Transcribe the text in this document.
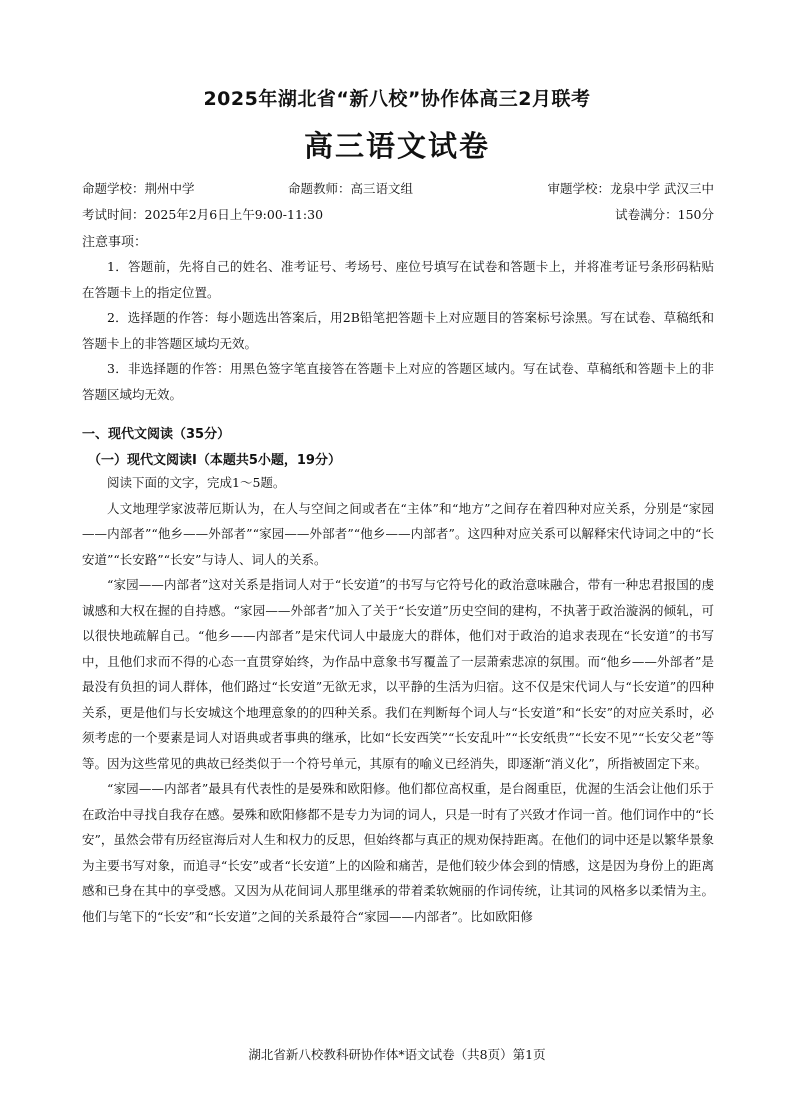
2025年湖北省“新八校”协作体高三2月联考
高三语文试卷
命题学校：荆州中学	命题教师：高三语文组	审题学校：龙泉中学 武汉三中
考试时间：2025年2月6日上午9:00-11:30	试卷满分：150分
注意事项：

1．答题前，先将自己的姓名、准考证号、考场号、座位号填写在试卷和答题卡上，并将准考证号条形码粘贴在答题卡上的指定位置。

2．选择题的作答：每小题选出答案后，用2B铅笔把答题卡上对应题目的答案标号涂黑。写在试卷、草稿纸和答题卡上的非答题区域均无效。

3．非选择题的作答：用黑色签字笔直接答在答题卡上对应的答题区域内。写在试卷、草稿纸和答题卡上的非答题区域均无效。

一、现代文阅读（35分）
（一）现代文阅读Ⅰ（本题共5小题，19分）

阅读下面的文字，完成1～5题。

人文地理学家波蒂厄斯认为，在人与空间之间或者在“主体”和“地方”之间存在着四种对应关系，分别是“家园——内部者”“他乡——外部者”“家园——外部者”“他乡——内部者”。这四种对应关系可以解释宋代诗词之中的“长安道”“长安路”“长安”与诗人、词人的关系。

“家园——内部者”这对关系是指词人对于“长安道”的书写与它符号化的政治意味融合，带有一种忠君报国的虔诚感和大权在握的自持感。“家园——外部者”加入了关于“长安道”历史空间的建构，不执著于政治漩涡的倾轧，可以很快地疏解自己。“他乡——内部者”是宋代词人中最庞大的群体，他们对于政治的追求表现在“长安道”的书写中，且他们求而不得的心态一直贯穿始终，为作品中意象书写覆盖了一层萧索悲凉的氛围。而“他乡——外部者”是最没有负担的词人群体，他们路过“长安道”无欲无求，以平静的生活为归宿。这不仅是宋代词人与“长安道”的四种关系，更是他们与长安城这个地理意象的的四种关系。我们在判断每个词人与“长安道”和“长安”的对应关系时，必须考虑的一个要素是词人对语典或者事典的继承，比如“长安西笑”“长安乱叶”“长安纸贵”“长安不见”“长安父老”等等。因为这些常见的典故已经类似于一个符号单元，其原有的喻义已经消失，即逐渐“消义化”，所指被固定下来。

“家园——内部者”最具有代表性的是晏殊和欧阳修。他们都位高权重，是台阁重臣，优渥的生活会让他们乐于在政治中寻找自我存在感。晏殊和欧阳修都不是专力为词的词人，只是一时有了兴致才作词一首。他们词作中的“长安”，虽然会带有历经宦海后对人生和权力的反思，但始终都与真正的规劝保持距离。在他们的词中还是以繁华景象为主要书写对象，而追寻“长安”或者“长安道”上的凶险和痛苦，是他们较少体会到的情感，这是因为身份上的距离感和已身在其中的享受感。又因为从花间词人那里继承的带着柔软婉丽的作词传统，让其词的风格多以柔情为主。他们与笔下的“长安”和“长安道”之间的关系最符合“家园——内部者”。比如欧阳修

湖北省新八校教科研协作体*语文试卷（共8页）第1页
